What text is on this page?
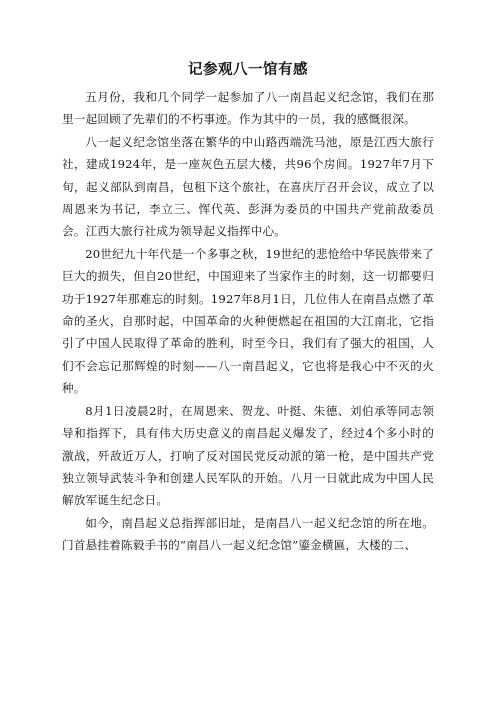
记参观八一馆有感

五月份，我和几个同学一起参加了八一南昌起义纪念馆，我们在那里一起回顾了先辈们的不朽事迹。作为其中的一员，我的感慨很深。

八一起义纪念馆坐落在繁华的中山路西端洗马池，原是江西大旅行社，建成1924年，是一座灰色五层大楼，共96个房间。1927年7月下旬，起义部队到南昌，包租下这个旅社，在喜庆厅召开会议，成立了以周恩来为书记，李立三、恽代英、彭湃为委员的中国共产党前敌委员会。江西大旅行社成为领导起义指挥中心。

20世纪九十年代是一个多事之秋，19世纪的悲怆给中华民族带来了巨大的损失，但自20世纪，中国迎来了当家作主的时刻，这一切都要归功于1927年那难忘的时刻。1927年8月1日，几位伟人在南昌点燃了革命的圣火，自那时起，中国革命的火种便燃起在祖国的大江南北，它指引了中国人民取得了革命的胜利，时至今日，我们有了强大的祖国，人们不会忘记那辉煌的时刻——八一南昌起义，它也将是我心中不灭的火种。

8月1日凌晨2时，在周恩来、贺龙、叶挺、朱德、刘伯承等同志领导和指挥下，具有伟大历史意义的南昌起义爆发了，经过4个多小时的激战，歼敌近万人，打响了反对国民党反动派的第一枪，是中国共产党独立领导武装斗争和创建人民军队的开始。八月一日就此成为中国人民解放军诞生纪念日。

如今，南昌起义总指挥部旧址，是南昌八一起义纪念馆的所在地。门首悬挂着陈毅手书的“南昌八一起义纪念馆”鎏金横匾，大楼的二、
